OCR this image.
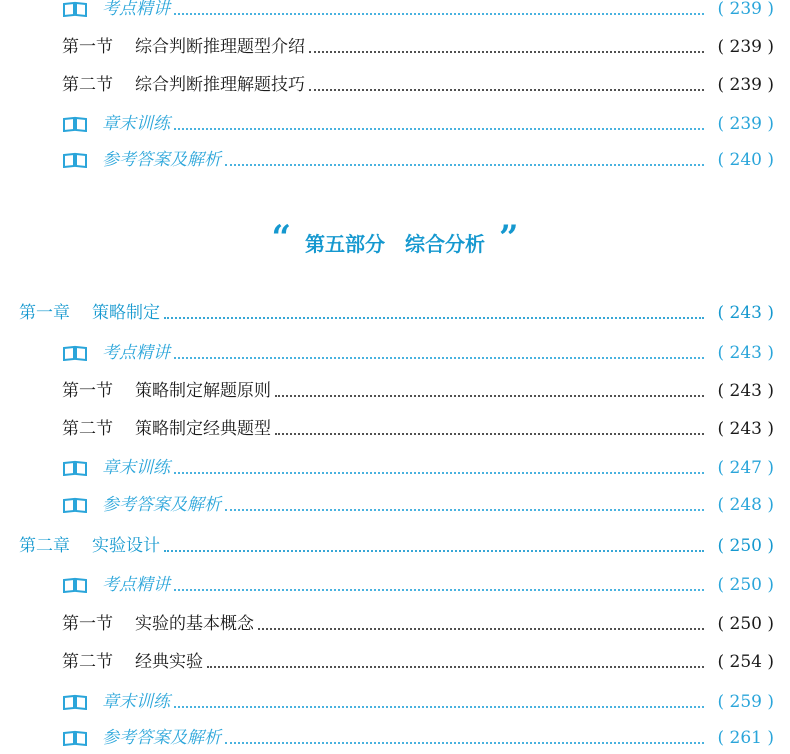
考点精讲	( 239 )
第一节 综合判断推理题型介绍	( 239 )
第二节 综合判断推理解题技巧	( 239 )
章末训练	( 239 )
参考答案及解析	( 240 )
“ 第五部分
　 综合分析 ”
第一章 策略制定	( 243 )
考点精讲	( 243 )
第一节 策略制定解题原则	( 243 )
第二节 策略制定经典题型	( 243 )
章末训练	( 247 )
参考答案及解析	( 248 )
第二章 实验设计	( 250 )
考点精讲	( 250 )
第一节 实验的基本概念	( 250 )
第二节 经典实验	( 254 )
章末训练	( 259 )
参考答案及解析	( 261 )
